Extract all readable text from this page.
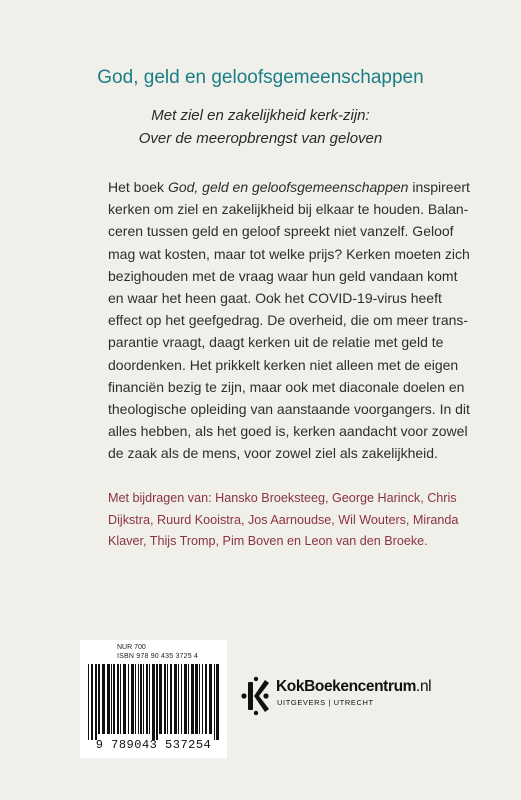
God, geld en geloofsgemeenschappen
Met ziel en zakelijkheid kerk-zijn:
Over de meeropbrengst van geloven
Het boek God, geld en geloofsgemeenschappen inspireert
kerken om ziel en zakelijkheid bij elkaar te houden. Balan-
ceren tussen geld en geloof spreekt niet vanzelf. Geloof
mag wat kosten, maar tot welke prijs? Kerken moeten zich
bezighouden met de vraag waar hun geld vandaan komt
en waar het heen gaat. Ook het COVID-19-virus heeft
effect op het geefgedrag. De overheid, die om meer trans-
parantie vraagt, daagt kerken uit de relatie met geld te
doordenken. Het prikkelt kerken niet alleen met de eigen
financiën bezig te zijn, maar ook met diaconale doelen en
theologische opleiding van aanstaande voorgangers. In dit
alles hebben, als het goed is, kerken aandacht voor zowel
de zaak als de mens, voor zowel ziel als zakelijkheid.
Met bijdragen van: Hansko Broeksteeg, George Harinck, Chris
Dijkstra, Ruurd Kooistra, Jos Aarnoudse, Wil Wouters, Miranda
Klaver, Thijs Tromp, Pim Boven en Leon van den Broeke.
NUR 700
ISBN 978 90 435 3725 4
9 789043 537254
KokBoekencentrum.nl
UITGEVERS | UTRECHT
